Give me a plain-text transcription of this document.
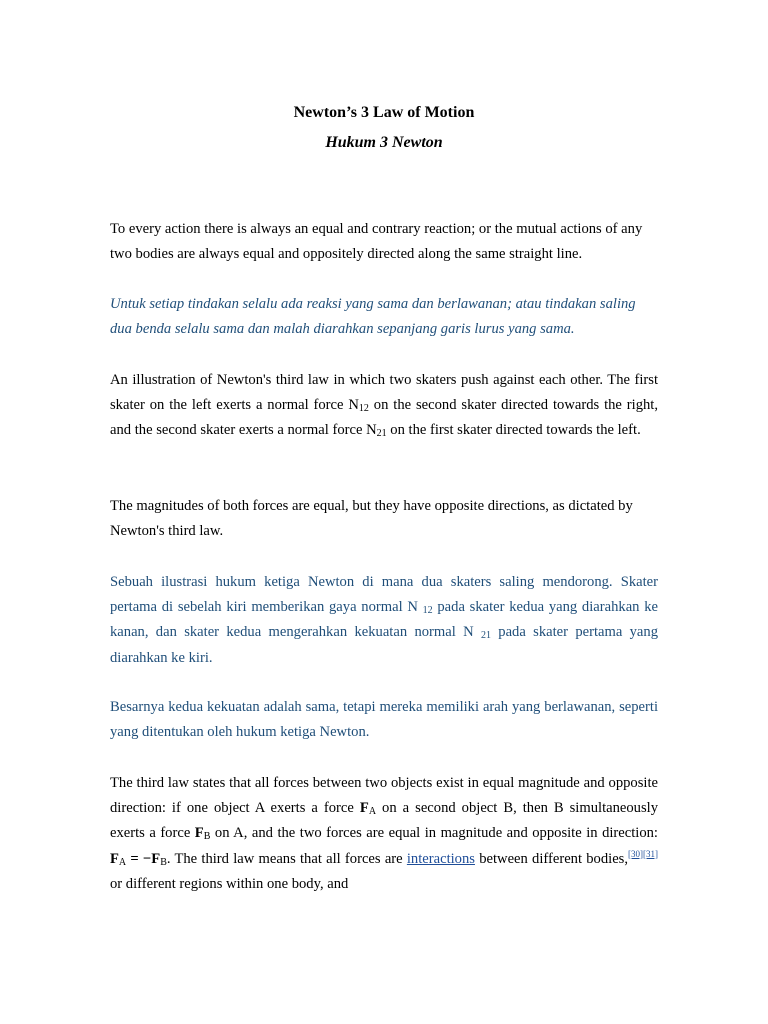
Newton’s 3 Law of Motion
Hukum 3 Newton

To every action there is always an equal and contrary reaction; or the mutual actions of any two bodies are always equal and oppositely directed along the same straight line.

Untuk setiap tindakan selalu ada reaksi yang sama dan berlawanan; atau tindakan saling dua benda selalu sama dan malah diarahkan sepanjang garis lurus yang sama.

An illustration of Newton's third law in which two skaters push against each other. The first skater on the left exerts a normal force $N_{12}$ on the second skater directed towards the right, and the second skater exerts a normal force $N_{21}$ on the first skater directed towards the left.

The magnitudes of both forces are equal, but they have opposite directions, as dictated by Newton's third law.

Sebuah ilustrasi hukum ketiga Newton di mana dua skaters saling mendorong. Skater pertama di sebelah kiri memberikan gaya normal N $_{12}$ pada skater kedua yang diarahkan ke kanan, dan skater kedua mengerahkan kekuatan normal N $_{21}$ pada skater pertama yang diarahkan ke kiri.

Besarnya kedua kekuatan adalah sama, tetapi mereka memiliki arah yang berlawanan, seperti yang ditentukan oleh hukum ketiga Newton.

The third law states that all forces between two objects exist in equal magnitude and opposite direction: if one object A exerts a force $F_A$ on a second object B, then B simultaneously exerts a force $F_B$ on A, and the two forces are equal in magnitude and opposite in direction: $F_A = -F_B$. The third law means that all forces are interactions between different bodies,[30][31] or different regions within one body, and
